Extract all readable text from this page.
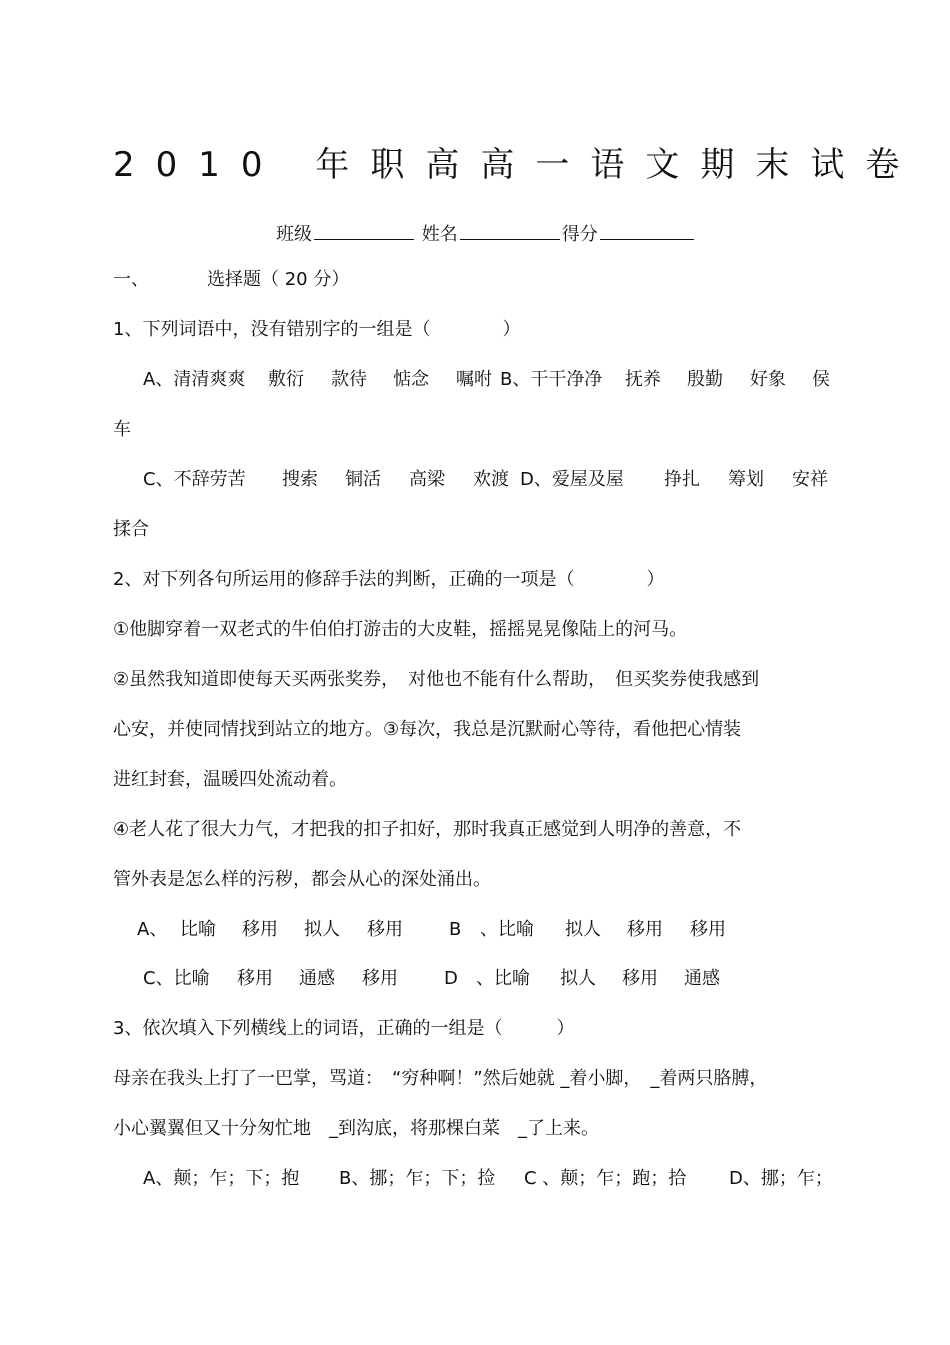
2010 年职高高一语文期末试卷
班级	姓名	得分
一、	选择题（ 20 分）
1、下列词语中，没有错别字的一组是（　　　　）
A、清清爽爽 敷衍 款待 惦念 嘱咐 B、干干净净 抚养 殷勤 好象 侯
车
C、不辞劳苦 搜索 铜活 高梁 欢渡 D、爱屋及屋 挣扎 筹划 安祥
揉合
2、对下列各句所运用的修辞手法的判断，正确的一项是（　　　　）
①他脚穿着一双老式的牛伯伯打游击的大皮鞋，摇摇晃晃像陆上的河马。
②虽然我知道即使每天买两张奖券，　对他也不能有什么帮助，　但买奖券使我感到
心安，并使同情找到站立的地方。③每次，我总是沉默耐心等待，看他把心情装
进红封套，温暖四处流动着。
④老人花了很大力气，才把我的扣子扣好，那时我真正感觉到人明净的善意，不
管外表是怎么样的污秽，都会从心的深处涌出。
A、 比喻 移用 拟人 移用	B 、比喻 拟人 移用 移用
C、比喻 移用 通感 移用	D 、比喻 拟人 移用 通感
3、依次填入下列横线上的词语，正确的一组是（　　　）
母亲在我头上打了一巴掌，骂道：　“穷种啊！”然后她就 _着小脚，　_着两只胳膊，
小心翼翼但又十分匆忙地　_到沟底，将那棵白菜　_了上来。
A、颠；乍；下；抱 B、挪；乍；下；捡 C 、颠；乍；跑；拾 D、挪；乍；
